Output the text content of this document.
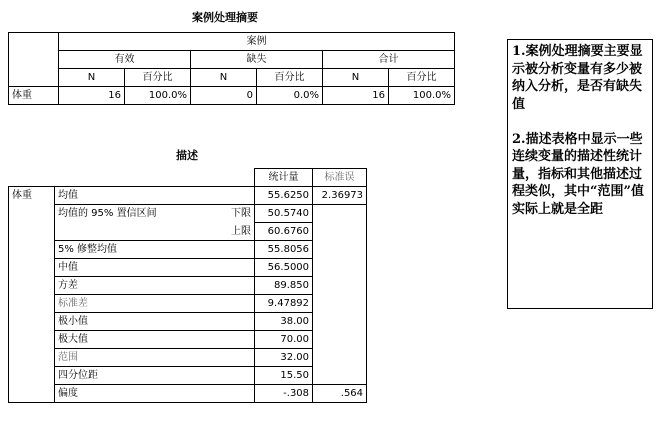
案例处理摘要
	案例					
	有效		缺失		合计	
	N	百分比	N	百分比	N	百分比
体重	16	100.0%	0	0.0%	16	100.0%
描述
			统计量	标准误
体重	均值		55.6250	2.36973
	均值的 95% 置信区间	下限	50.5740	
		上限	60.6760	
	5% 修整均值		55.8056	
	中值		56.5000	
	方差		89.850	
	标准差		9.47892	
	极小值		38.00	
	极大值		70.00	
	范围		32.00	
	四分位距		15.50	
	偏度		-.308	.564
1.案例处理摘要主要显示被分析变量有多少被纳入分析，是否有缺失值

2.描述表格中显示一些连续变量的描述性统计量，指标和其他描述过程类似，其中“范围”值实际上就是全距
